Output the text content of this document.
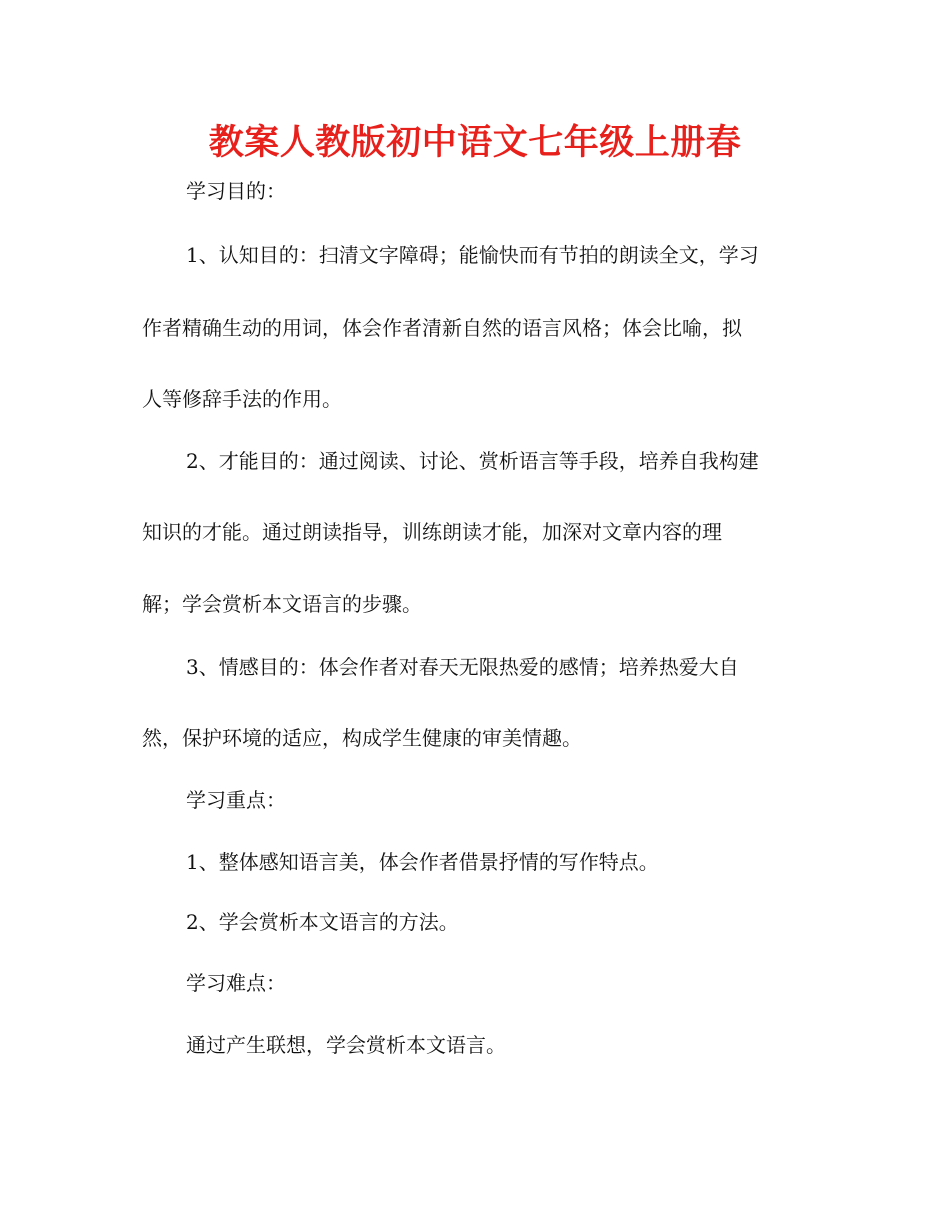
教案人教版初中语文七年级上册春

学习目的：

1、认知目的：扫清文字障碍；能愉快而有节拍的朗读全文，学习

作者精确生动的用词，体会作者清新自然的语言风格；体会比喻，拟

人等修辞手法的作用。

2、才能目的：通过阅读、讨论、赏析语言等手段，培养自我构建

知识的才能。通过朗读指导，训练朗读才能，加深对文章内容的理

解；学会赏析本文语言的步骤。

3、情感目的：体会作者对春天无限热爱的感情；培养热爱大自

然，保护环境的适应，构成学生健康的审美情趣。

学习重点：

1、整体感知语言美，体会作者借景抒情的写作特点。

2、学会赏析本文语言的方法。

学习难点：

通过产生联想，学会赏析本文语言。
